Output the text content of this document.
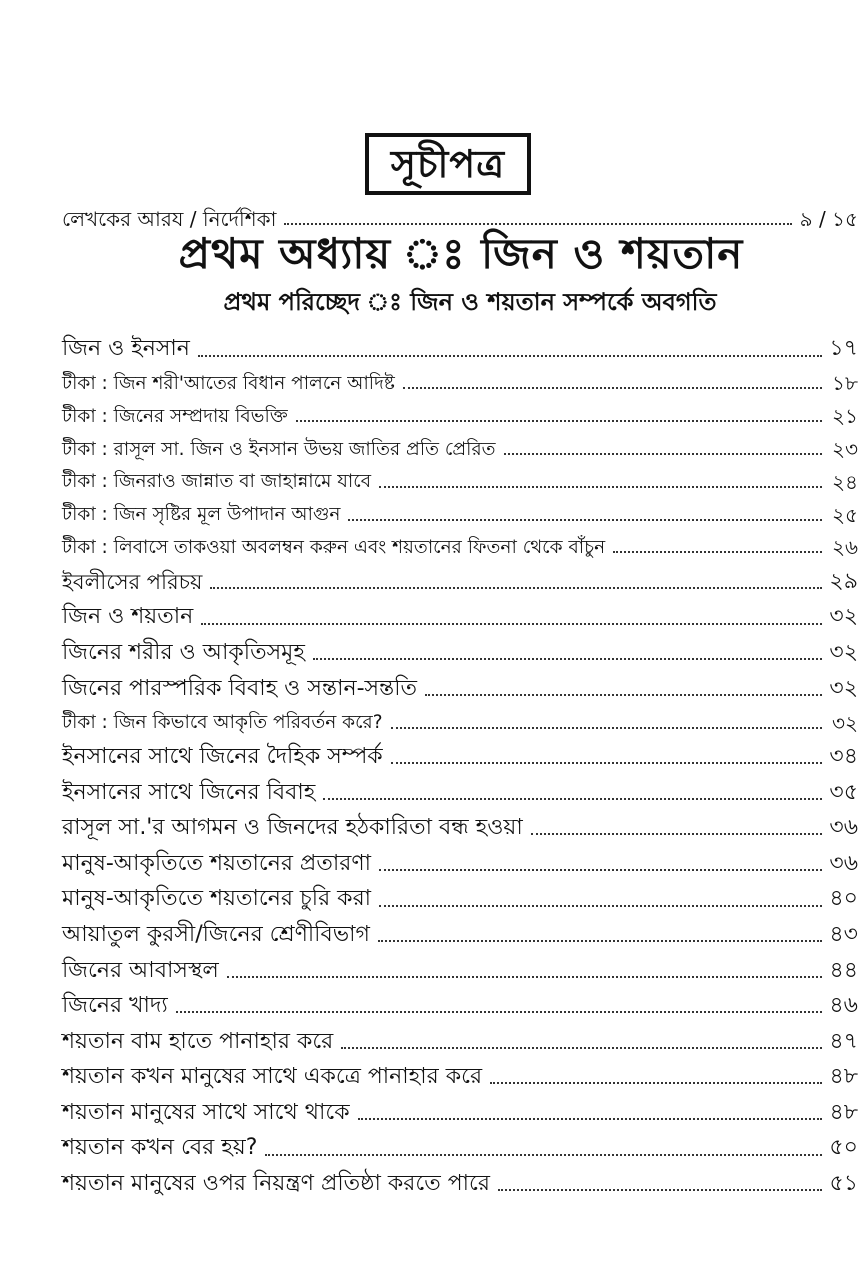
সূচীপত্র
লেখকের আরয / নির্দেশিকা	৯ / ১৫
প্রথম অধ্যায় ঃ জিন ও শয়তান
প্রথম পরিচ্ছেদ ঃ জিন ও শয়তান সম্পর্কে অবগতি
জিন ও ইনসান	১৭
টীকা : জিন শরী'আতের বিধান পালনে আদিষ্ট	১৮
টীকা : জিনের সম্প্রদায় বিভক্তি	২১
টীকা : রাসূল সা. জিন ও ইনসান উভয় জাতির প্রতি প্রেরিত	২৩
টীকা : জিনরাও জান্নাত বা জাহান্নামে যাবে	২৪
টীকা : জিন সৃষ্টির মূল উপাদান আগুন	২৫
টীকা : লিবাসে তাকওয়া অবলম্বন করুন এবং শয়তানের ফিতনা থেকে বাঁচুন	২৬
ইবলীসের পরিচয়	২৯
জিন ও শয়তান	৩২
জিনের শরীর ও আকৃতিসমূহ	৩২
জিনের পারস্পরিক বিবাহ ও সন্তান-সন্ততি	৩২
টীকা : জিন কিভাবে আকৃতি পরিবর্তন করে?	৩২
ইনসানের সাথে জিনের দৈহিক সম্পর্ক	৩৪
ইনসানের সাথে জিনের বিবাহ	৩৫
রাসূল সা.'র আগমন ও জিনদের হঠকারিতা বন্ধ হওয়া	৩৬
মানুষ-আকৃতিতে শয়তানের প্রতারণা	৩৬
মানুষ-আকৃতিতে শয়তানের চুরি করা	৪০
আয়াতুল কুরসী/জিনের শ্রেণীবিভাগ	৪৩
জিনের আবাসস্থল	৪৪
জিনের খাদ্য	৪৬
শয়তান বাম হাতে পানাহার করে	৪৭
শয়তান কখন মানুষের সাথে একত্রে পানাহার করে	৪৮
শয়তান মানুষের সাথে সাথে থাকে	৪৮
শয়তান কখন বের হয়?	৫০
শয়তান মানুষের ওপর নিয়ন্ত্রণ প্রতিষ্ঠা করতে পারে	৫১
